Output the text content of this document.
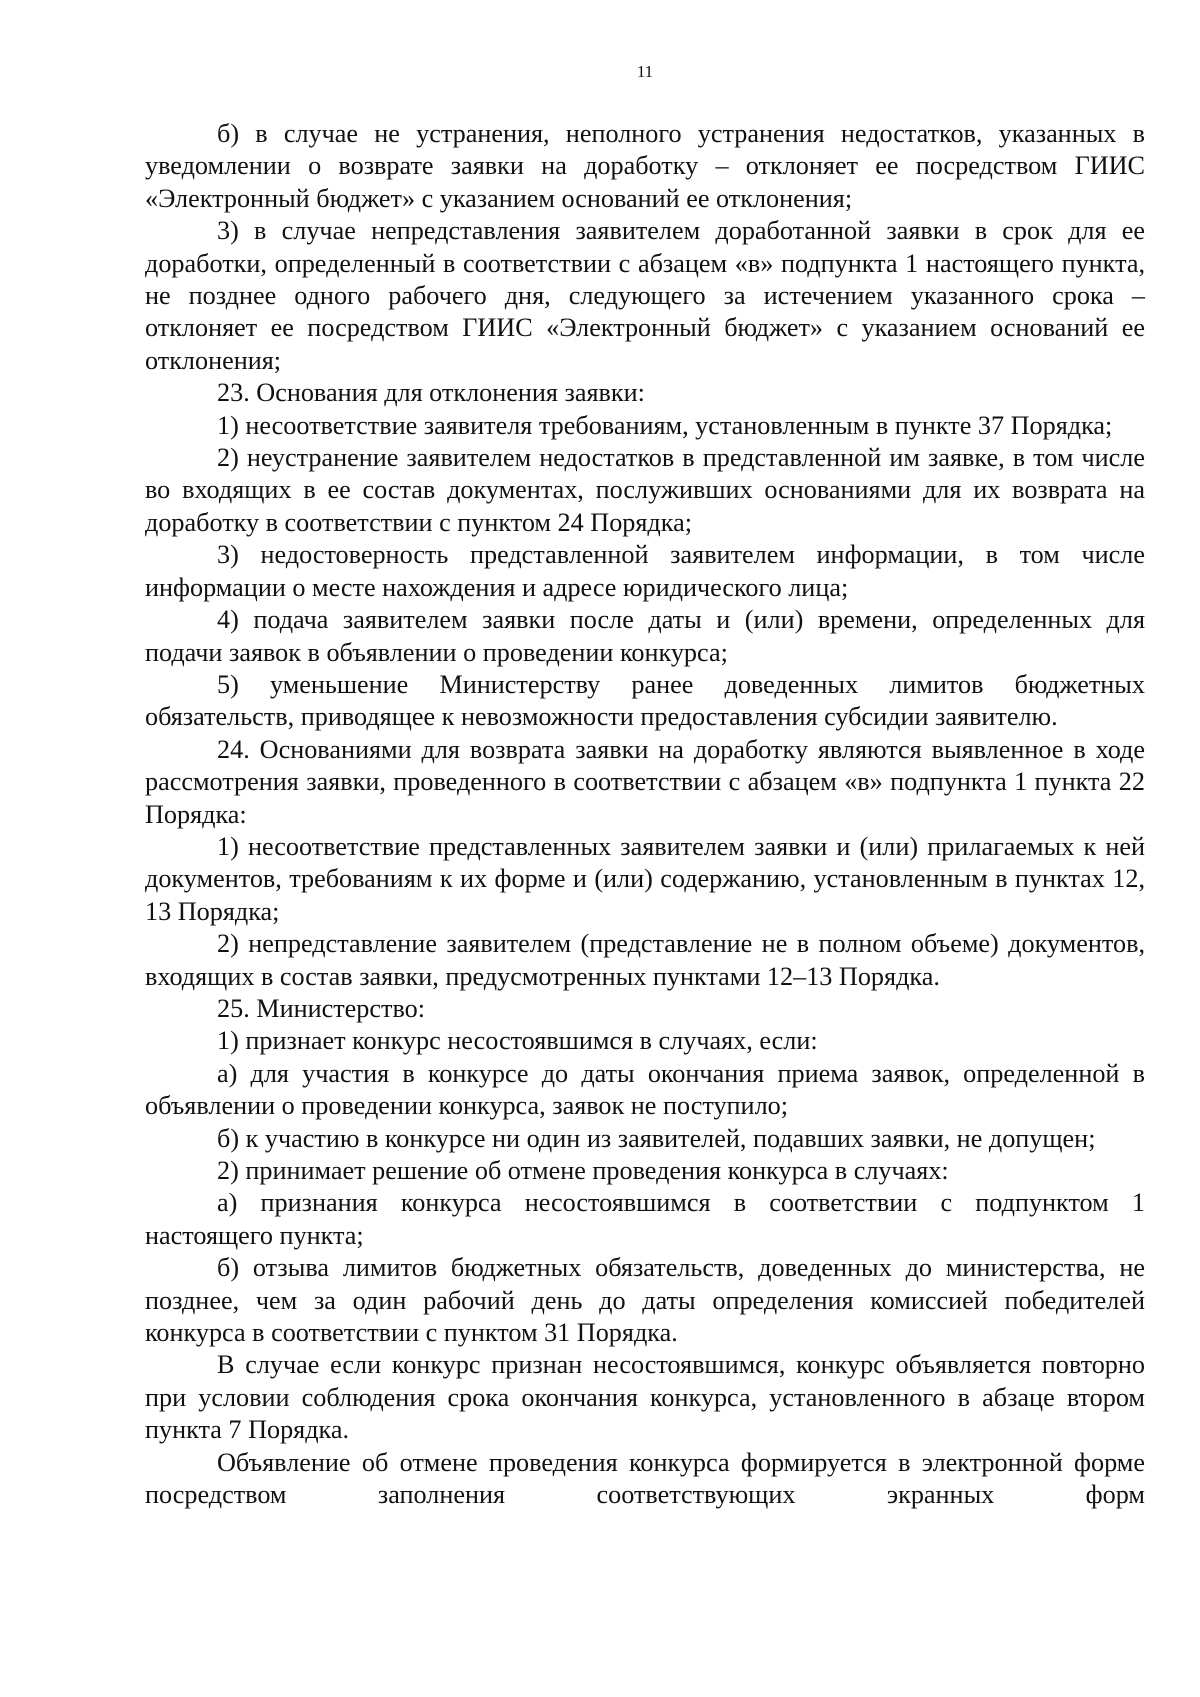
11

б) в случае не устранения, неполного устранения недостатков, указанных в уведомлении о возврате заявки на доработку – отклоняет ее посредством ГИИС «Электронный бюджет» с указанием оснований ее отклонения;

3) в случае непредставления заявителем доработанной заявки в срок для ее доработки, определенный в соответствии с абзацем «в» подпункта 1 настоящего пункта, не позднее одного рабочего дня, следующего за истечением указанного срока – отклоняет ее посредством ГИИС «Электронный бюджет» с указанием оснований ее отклонения;

23. Основания для отклонения заявки:

1) несоответствие заявителя требованиям, установленным в пункте 37 Порядка;

2) неустранение заявителем недостатков в представленной им заявке, в том числе во входящих в ее состав документах, послуживших основаниями для их возврата на доработку в соответствии с пунктом 24 Порядка;

3) недостоверность представленной заявителем информации, в том числе информации о месте нахождения и адресе юридического лица;

4) подача заявителем заявки после даты и (или) времени, определенных для подачи заявок в объявлении о проведении конкурса;

5) уменьшение Министерству ранее доведенных лимитов бюджетных обязательств, приводящее к невозможности предоставления субсидии заявителю.

24. Основаниями для возврата заявки на доработку являются выявленное в ходе рассмотрения заявки, проведенного в соответствии с абзацем «в» подпункта 1 пункта 22 Порядка:

1) несоответствие представленных заявителем заявки и (или) прилагаемых к ней документов, требованиям к их форме и (или) содержанию, установленным в пунктах 12, 13 Порядка;

2) непредставление заявителем (представление не в полном объеме) документов, входящих в состав заявки, предусмотренных пунктами 12–13 Порядка.

25. Министерство:

1) признает конкурс несостоявшимся в случаях, если:

а) для участия в конкурсе до даты окончания приема заявок, определенной в объявлении о проведении конкурса, заявок не поступило;

б) к участию в конкурсе ни один из заявителей, подавших заявки, не допущен;

2) принимает решение об отмене проведения конкурса в случаях:

а) признания конкурса несостоявшимся в соответствии с подпунктом 1 настоящего пункта;

б) отзыва лимитов бюджетных обязательств, доведенных до министерства, не позднее, чем за один рабочий день до даты определения комиссией победителей конкурса в соответствии с пунктом 31 Порядка.

В случае если конкурс признан несостоявшимся, конкурс объявляется повторно при условии соблюдения срока окончания конкурса, установленного в абзаце втором пункта 7 Порядка.

Объявление об отмене проведения конкурса формируется в электронной форме посредством заполнения соответствующих экранных форм
